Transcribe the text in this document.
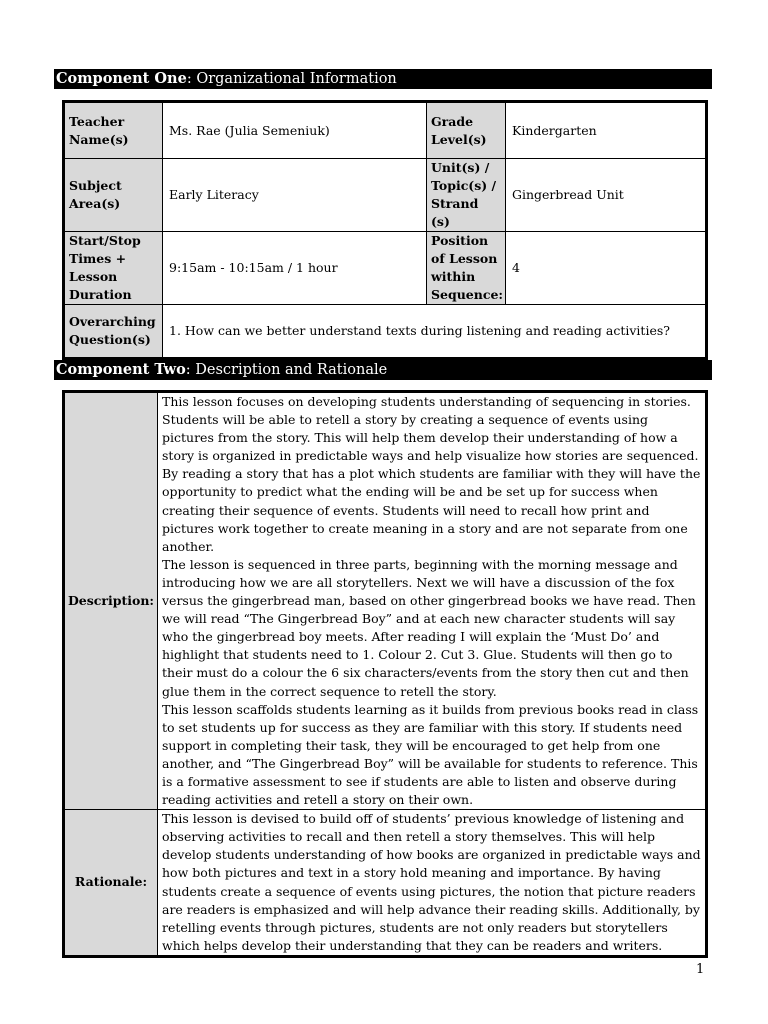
Component One: Organizational Information
Teacher Name(s)	Ms. Rae (Julia Semeniuk)	Grade Level(s)	Kindergarten
Subject Area(s)	Early Literacy	Unit(s) / Topic(s) / Strand (s)	Gingerbread Unit
Start/Stop Times + Lesson Duration	9:15am - 10:15am / 1 hour	Position of Lesson within Sequence:	4
Overarching Question(s)	1. How can we better understand texts during listening and reading activities?		
Component Two: Description and Rationale
Description:	This lesson focuses on developing students understanding of sequencing in stories. Students will be able to retell a story by creating a sequence of events using pictures from the story. This will help them develop their understanding of how a story is organized in predictable ways and help visualize how stories are sequenced. By reading a story that has a plot which students are familiar with they will have the opportunity to predict what the ending will be and be set up for success when creating their sequence of events. Students will need to recall how print and pictures work together to create meaning in a story and are not separate from one another.

The lesson is sequenced in three parts, beginning with the morning message and introducing how we are all storytellers. Next we will have a discussion of the fox versus the gingerbread man, based on other gingerbread books we have read. Then we will read “The Gingerbread Boy” and at each new character students will say who the gingerbread boy meets. After reading I will explain the ‘Must Do’ and highlight that students need to 1. Colour 2. Cut 3. Glue. Students will then go to their must do a colour the 6 six characters/events from the story then cut and then glue them in the correct sequence to retell the story.

This lesson scaffolds students learning as it builds from previous books read in class to set students up for success as they are familiar with this story. If students need support in completing their task, they will be encouraged to get help from one another, and “The Gingerbread Boy” will be available for students to reference. This is a formative assessment to see if students are able to listen and observe during reading activities and retell a story on their own.

Rationale:	This lesson is devised to build off of students’ previous knowledge of listening and observing activities to recall and then retell a story themselves. This will help develop students understanding of how books are organized in predictable ways and how both pictures and text in a story hold meaning and importance. By having students create a sequence of events using pictures, the notion that picture readers are readers is emphasized and will help advance their reading skills. Additionally, by retelling events through pictures, students are not only readers but storytellers which helps develop their understanding that they can be readers and writers.

1
